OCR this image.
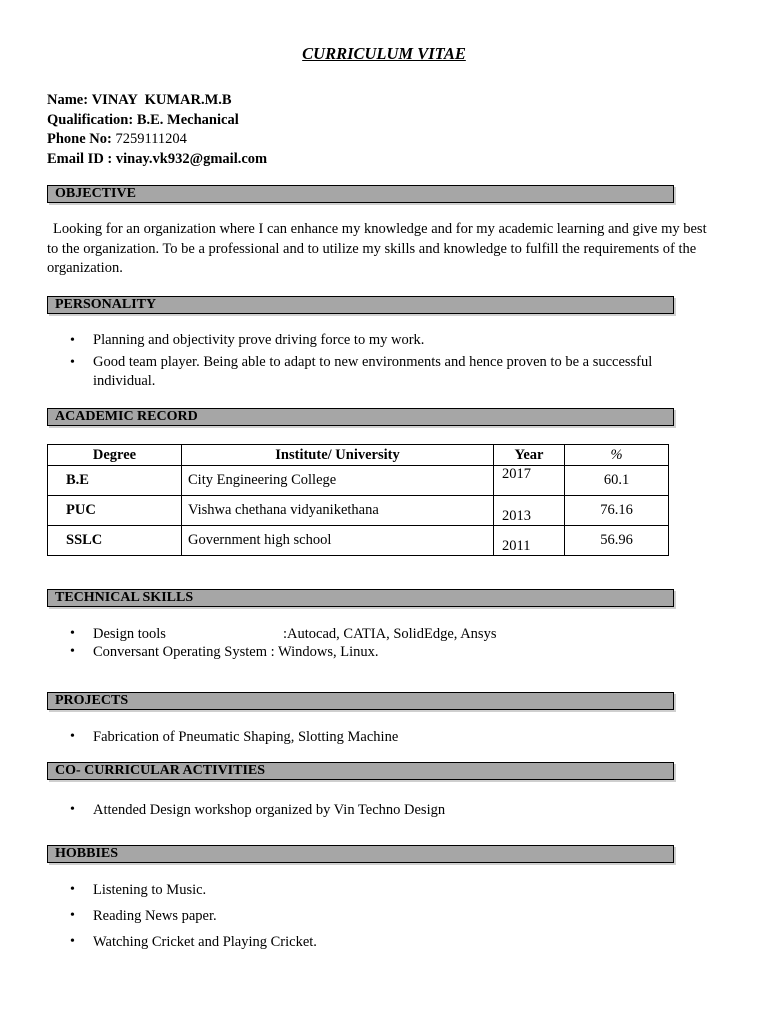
CURRICULUM VITAE
Name: VINAY  KUMAR.M.B
Qualification: B.E. Mechanical
Phone No: 7259111204
Email ID : vinay.vk932@gmail.com
OBJECTIVE
Looking for an organization where I can enhance my knowledge and for my academic learning and give my best to the organization. To be a professional and to utilize my skills and knowledge to fulfill the requirements of the organization.
PERSONALITY
• Planning and objectivity prove driving force to my work.
• Good team player. Being able to adapt to new environments and hence proven to be a successful individual.
ACADEMIC RECORD
Degree	Institute/ University	Year	%
B.E	City Engineering College	2017	60.1
PUC	Vishwa chethana vidyanikethana	2013	76.16
SSLC	Government high school	2011	56.96
TECHNICAL SKILLS
• Design tools	:Autocad, CATIA, SolidEdge, Ansys
• Conversant Operating System : Windows, Linux.
PROJECTS
• Fabrication of Pneumatic Shaping, Slotting Machine
CO- CURRICULAR ACTIVITIES
• Attended Design workshop organized by Vin Techno Design
HOBBIES
• Listening to Music.
• Reading News paper.
• Watching Cricket and Playing Cricket.
